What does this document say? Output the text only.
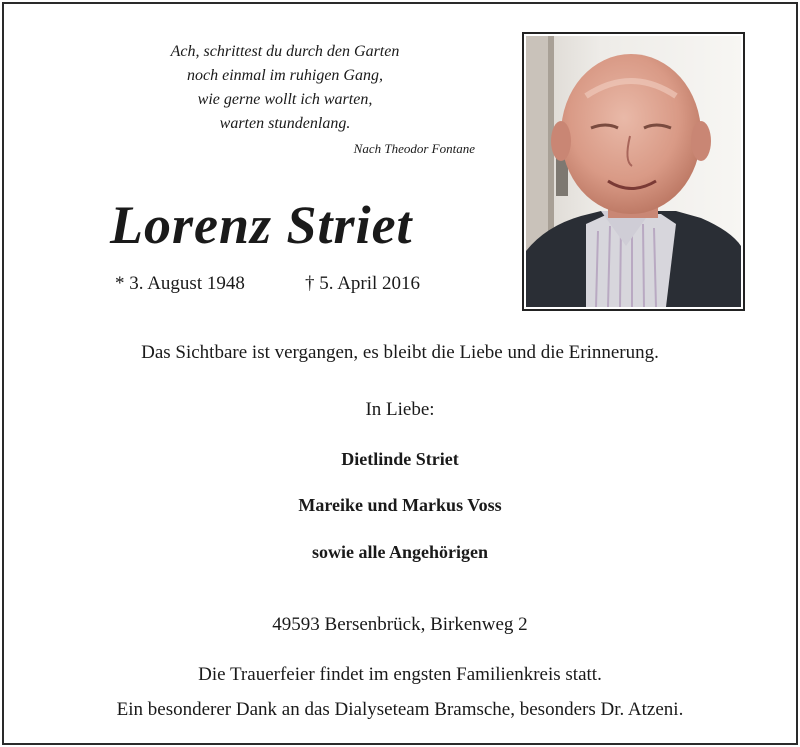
Ach, schrittest du durch den Garten
noch einmal im ruhigen Gang,
wie gerne wollt ich warten,
warten stundenlang.
Nach Theodor Fontane
Lorenz Striet
* 3. August 1948	† 5. April 2016
Das Sichtbare ist vergangen, es bleibt die Liebe und die Erinnerung.
In Liebe:
Dietlinde Striet
Mareike und Markus Voss
sowie alle Angehörigen
49593 Bersenbrück, Birkenweg 2
Die Trauerfeier findet im engsten Familienkreis statt.
Ein besonderer Dank an das Dialyseteam Bramsche, besonders Dr. Atzeni.
